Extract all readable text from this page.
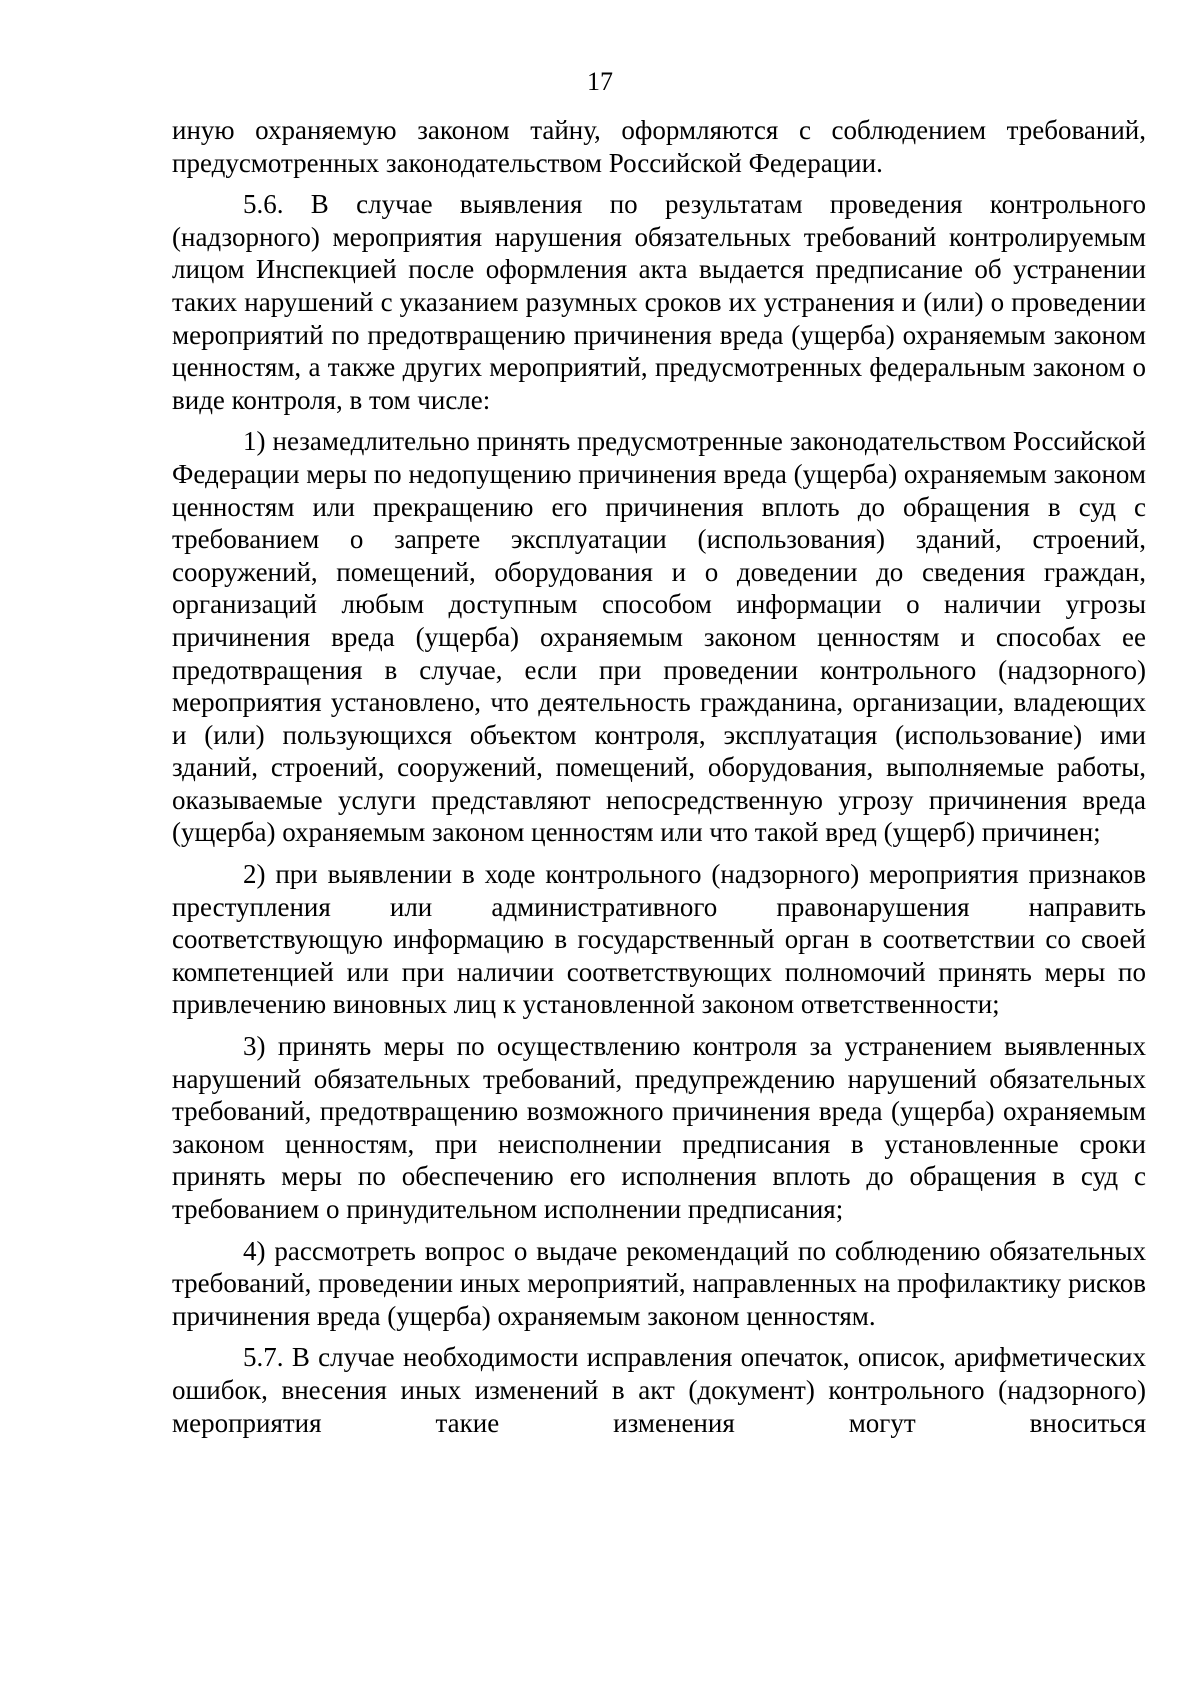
17

иную охраняемую законом тайну, оформляются с соблюдением требований, предусмотренных законодательством Российской Федерации.

5.6. В случае выявления по результатам проведения контрольного (надзорного) мероприятия нарушения обязательных требований контролируемым лицом Инспекцией после оформления акта выдается предписание об устранении таких нарушений с указанием разумных сроков их устранения и (или) о проведении мероприятий по предотвращению причинения вреда (ущерба) охраняемым законом ценностям, а также других мероприятий, предусмотренных федеральным законом о виде контроля, в том числе:

1) незамедлительно принять предусмотренные законодательством Российской Федерации меры по недопущению причинения вреда (ущерба) охраняемым законом ценностям или прекращению его причинения вплоть до обращения в суд с требованием о запрете эксплуатации (использования) зданий, строений, сооружений, помещений, оборудования и о доведении до сведения граждан, организаций любым доступным способом информации о наличии угрозы причинения вреда (ущерба) охраняемым законом ценностям и способах ее предотвращения в случае, если при проведении контрольного (надзорного) мероприятия установлено, что деятельность гражданина, организации, владеющих и (или) пользующихся объектом контроля, эксплуатация (использование) ими зданий, строений, сооружений, помещений, оборудования, выполняемые работы, оказываемые услуги представляют непосредственную угрозу причинения вреда (ущерба) охраняемым законом ценностям или что такой вред (ущерб) причинен;

2) при выявлении в ходе контрольного (надзорного) мероприятия признаков преступления или административного правонарушения направить соответствующую информацию в государственный орган в соответствии со своей компетенцией или при наличии соответствующих полномочий принять меры по привлечению виновных лиц к установленной законом ответственности;

3) принять меры по осуществлению контроля за устранением выявленных нарушений обязательных требований, предупреждению нарушений обязательных требований, предотвращению возможного причинения вреда (ущерба) охраняемым законом ценностям, при неисполнении предписания в установленные сроки принять меры по обеспечению его исполнения вплоть до обращения в суд с требованием о принудительном исполнении предписания;

4) рассмотреть вопрос о выдаче рекомендаций по соблюдению обязательных требований, проведении иных мероприятий, направленных на профилактику рисков причинения вреда (ущерба) охраняемым законом ценностям.

5.7. В случае необходимости исправления опечаток, описок, арифметических ошибок, внесения иных изменений в акт (документ) контрольного (надзорного) мероприятия такие изменения могут вноситься
